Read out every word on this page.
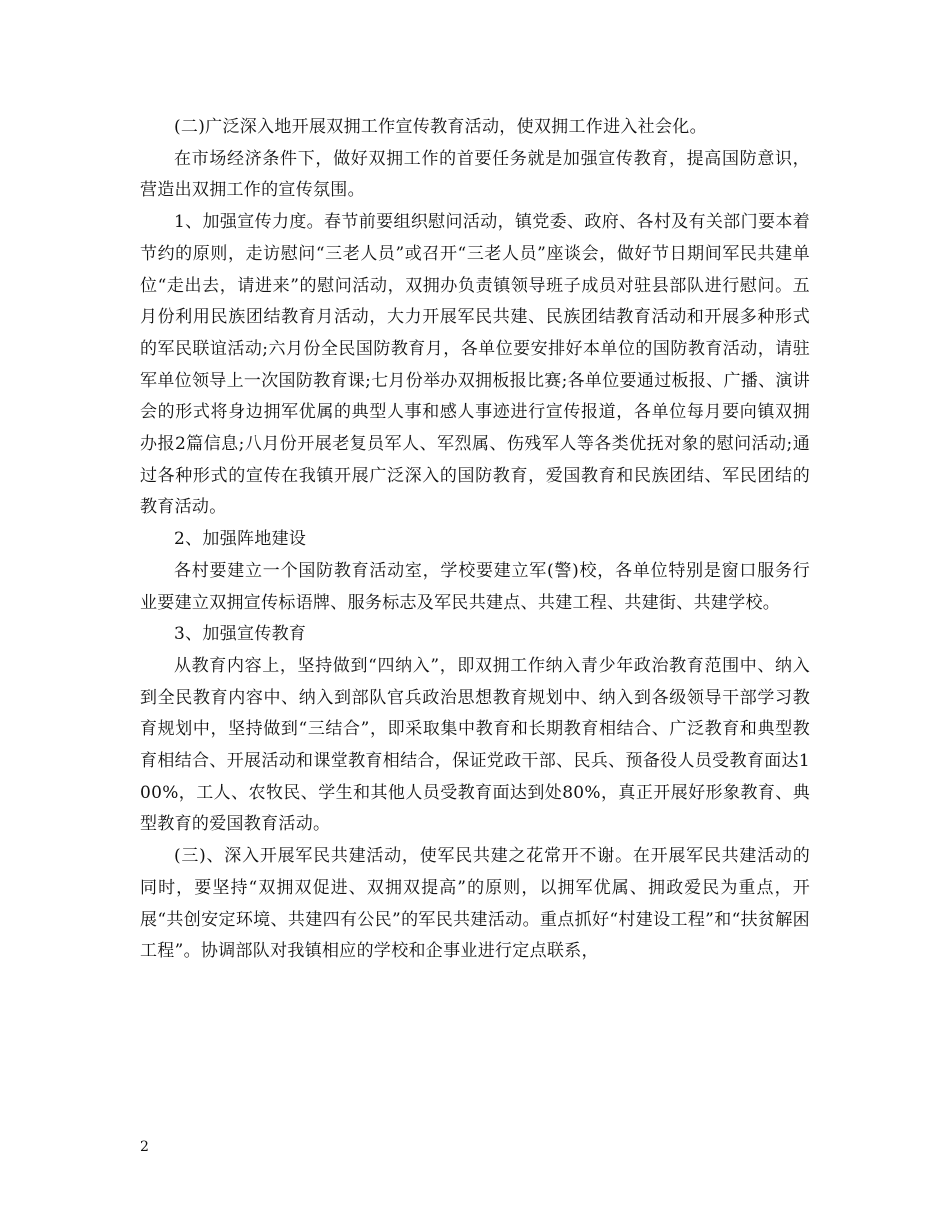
(二)广泛深入地开展双拥工作宣传教育活动，使双拥工作进入社会化。

在市场经济条件下，做好双拥工作的首要任务就是加强宣传教育，提高国防意识，营造出双拥工作的宣传氛围。

1、加强宣传力度。春节前要组织慰问活动，镇党委、政府、各村及有关部门要本着节约的原则，走访慰问“三老人员”或召开“三老人员”座谈会，做好节日期间军民共建单位“走出去，请进来”的慰问活动，双拥办负责镇领导班子成员对驻县部队进行慰问。五月份利用民族团结教育月活动，大力开展军民共建、民族团结教育活动和开展多种形式的军民联谊活动;六月份全民国防教育月，各单位要安排好本单位的国防教育活动，请驻军单位领导上一次国防教育课;七月份举办双拥板报比赛;各单位要通过板报、广播、演讲会的形式将身边拥军优属的典型人事和感人事迹进行宣传报道，各单位每月要向镇双拥办报2篇信息;八月份开展老复员军人、军烈属、伤残军人等各类优抚对象的慰问活动;通过各种形式的宣传在我镇开展广泛深入的国防教育，爱国教育和民族团结、军民团结的教育活动。

2、加强阵地建设

各村要建立一个国防教育活动室，学校要建立军(警)校，各单位特别是窗口服务行业要建立双拥宣传标语牌、服务标志及军民共建点、共建工程、共建街、共建学校。

3、加强宣传教育

从教育内容上，坚持做到“四纳入”，即双拥工作纳入青少年政治教育范围中、纳入到全民教育内容中、纳入到部队官兵政治思想教育规划中、纳入到各级领导干部学习教育规划中，坚持做到“三结合”，即采取集中教育和长期教育相结合、广泛教育和典型教育相结合、开展活动和课堂教育相结合，保证党政干部、民兵、预备役人员受教育面达100%，工人、农牧民、学生和其他人员受教育面达到处80%，真正开展好形象教育、典型教育的爱国教育活动。

(三)、深入开展军民共建活动，使军民共建之花常开不谢。在开展军民共建活动的同时，要坚持“双拥双促进、双拥双提高”的原则，以拥军优属、拥政爱民为重点，开展“共创安定环境、共建四有公民”的军民共建活动。重点抓好“村建设工程”和“扶贫解困工程”。协调部队对我镇相应的学校和企事业进行定点联系，

2
